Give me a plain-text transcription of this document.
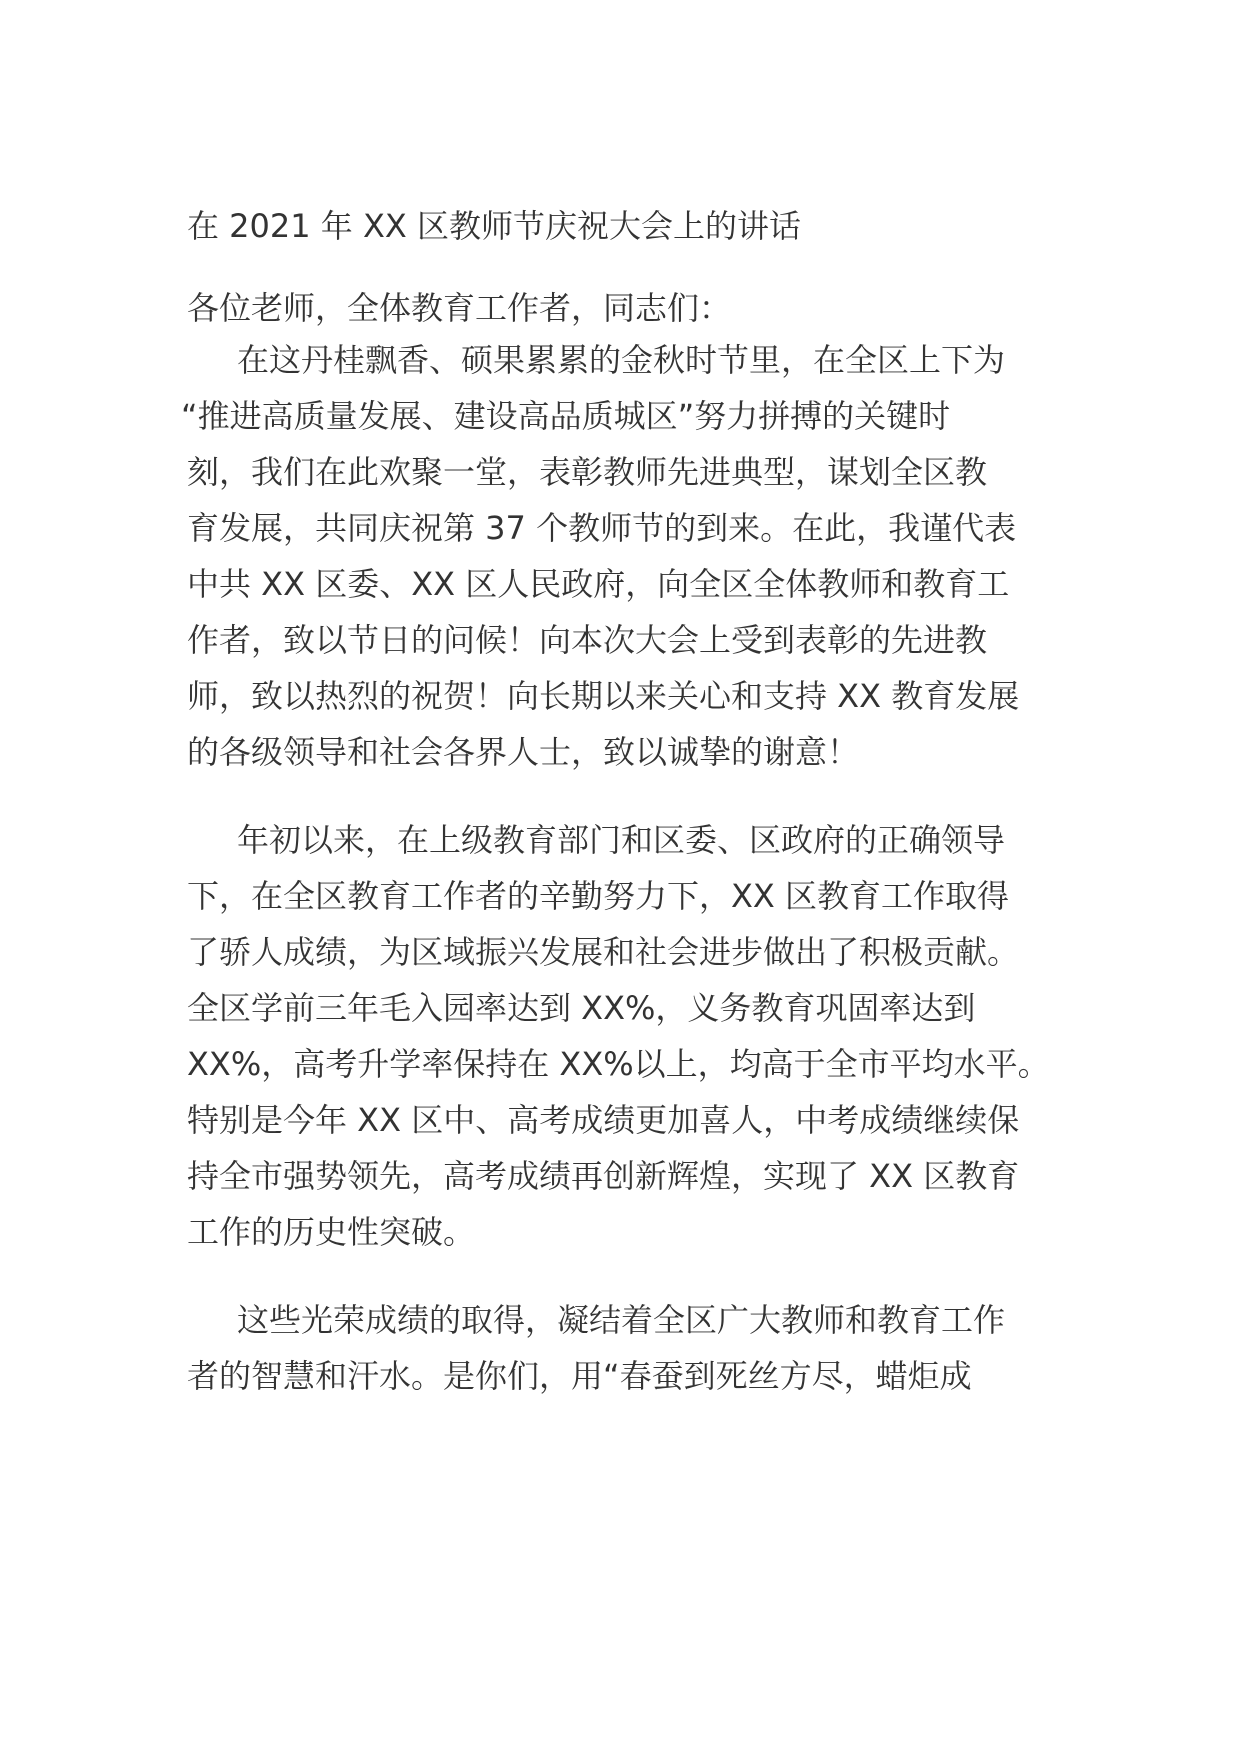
在 2021 年 XX 区教师节庆祝大会上的讲话
各位老师，全体教育工作者，同志们：
在这丹桂飘香、硕果累累的金秋时节里，在全区上下为
“推进高质量发展、建设高品质城区”努力拼搏的关键时
刻，我们在此欢聚一堂，表彰教师先进典型，谋划全区教
育发展，共同庆祝第 37 个教师节的到来。在此，我谨代表
中共 XX 区委、XX 区人民政府，向全区全体教师和教育工
作者，致以节日的问候！向本次大会上受到表彰的先进教
师，致以热烈的祝贺！向长期以来关心和支持 XX 教育发展
的各级领导和社会各界人士，致以诚挚的谢意！
年初以来，在上级教育部门和区委、区政府的正确领导
下，在全区教育工作者的辛勤努力下，XX 区教育工作取得
了骄人成绩，为区域振兴发展和社会进步做出了积极贡献。
全区学前三年毛入园率达到 XX%，义务教育巩固率达到
XX%，高考升学率保持在 XX%以上，均高于全市平均水平。
特别是今年 XX 区中、高考成绩更加喜人，中考成绩继续保
持全市强势领先，高考成绩再创新辉煌，实现了 XX 区教育
工作的历史性突破。
这些光荣成绩的取得，凝结着全区广大教师和教育工作
者的智慧和汗水。是你们，用“春蚕到死丝方尽，蜡炬成
